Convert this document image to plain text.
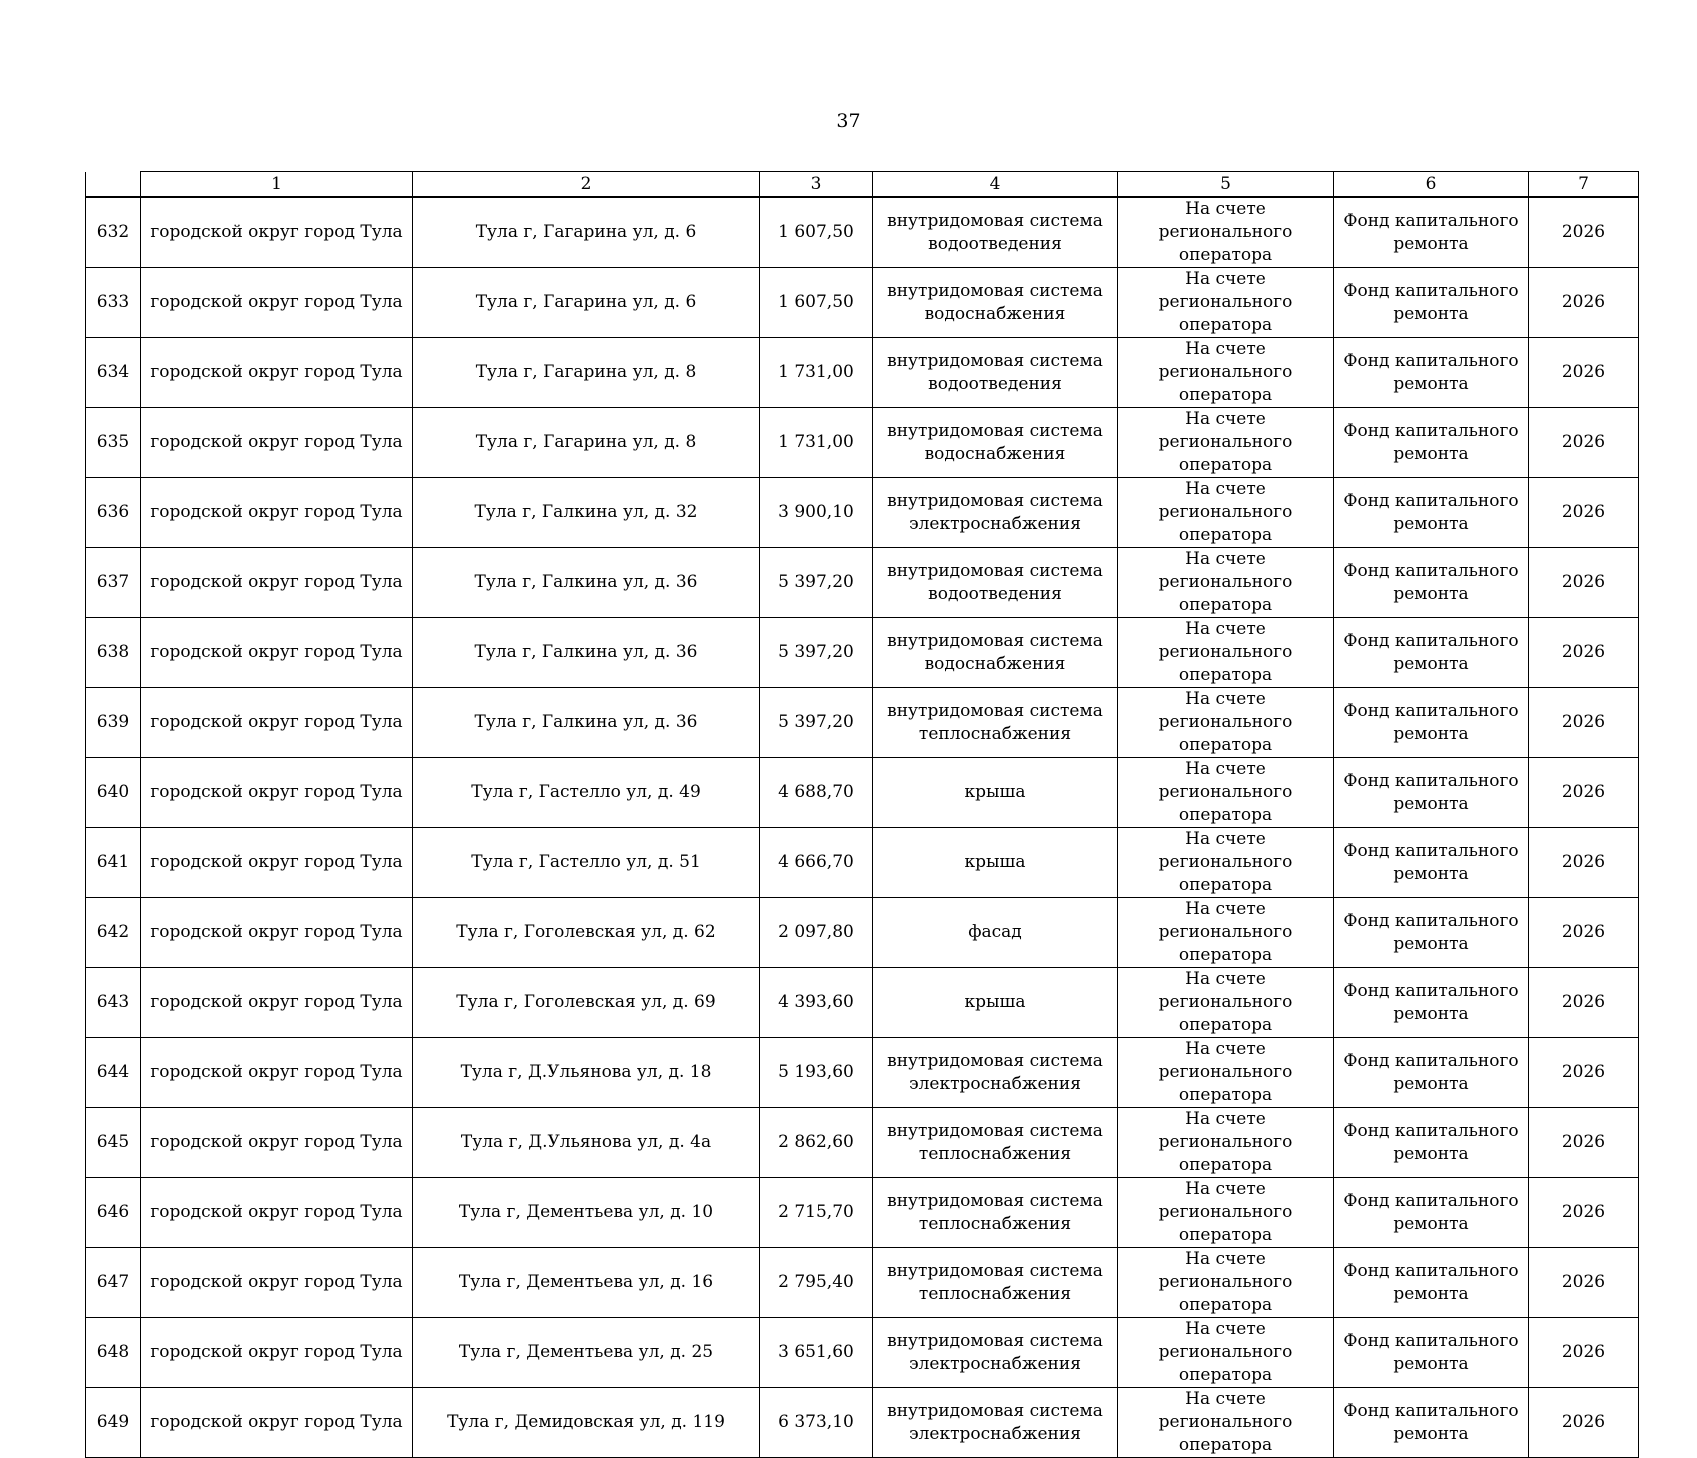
37
	1	2	3	4	5	6	7
632	городской округ город Тула	Тула г, Гагарина ул, д. 6	1 607,50	внутридомовая система водоотведения	На счете регионального оператора	Фонд капитального ремонта	2026
633	городской округ город Тула	Тула г, Гагарина ул, д. 6	1 607,50	внутридомовая система водоснабжения	На счете регионального оператора	Фонд капитального ремонта	2026
634	городской округ город Тула	Тула г, Гагарина ул, д. 8	1 731,00	внутридомовая система водоотведения	На счете регионального оператора	Фонд капитального ремонта	2026
635	городской округ город Тула	Тула г, Гагарина ул, д. 8	1 731,00	внутридомовая система водоснабжения	На счете регионального оператора	Фонд капитального ремонта	2026
636	городской округ город Тула	Тула г, Галкина ул, д. 32	3 900,10	внутридомовая система электроснабжения	На счете регионального оператора	Фонд капитального ремонта	2026
637	городской округ город Тула	Тула г, Галкина ул, д. 36	5 397,20	внутридомовая система водоотведения	На счете регионального оператора	Фонд капитального ремонта	2026
638	городской округ город Тула	Тула г, Галкина ул, д. 36	5 397,20	внутридомовая система водоснабжения	На счете регионального оператора	Фонд капитального ремонта	2026
639	городской округ город Тула	Тула г, Галкина ул, д. 36	5 397,20	внутридомовая система теплоснабжения	На счете регионального оператора	Фонд капитального ремонта	2026
640	городской округ город Тула	Тула г, Гастелло ул, д. 49	4 688,70	крыша	На счете регионального оператора	Фонд капитального ремонта	2026
641	городской округ город Тула	Тула г, Гастелло ул, д. 51	4 666,70	крыша	На счете регионального оператора	Фонд капитального ремонта	2026
642	городской округ город Тула	Тула г, Гоголевская ул, д. 62	2 097,80	фасад	На счете регионального оператора	Фонд капитального ремонта	2026
643	городской округ город Тула	Тула г, Гоголевская ул, д. 69	4 393,60	крыша	На счете регионального оператора	Фонд капитального ремонта	2026
644	городской округ город Тула	Тула г, Д.Ульянова ул, д. 18	5 193,60	внутридомовая система электроснабжения	На счете регионального оператора	Фонд капитального ремонта	2026
645	городской округ город Тула	Тула г, Д.Ульянова ул, д. 4а	2 862,60	внутридомовая система теплоснабжения	На счете регионального оператора	Фонд капитального ремонта	2026
646	городской округ город Тула	Тула г, Дементьева ул, д. 10	2 715,70	внутридомовая система теплоснабжения	На счете регионального оператора	Фонд капитального ремонта	2026
647	городской округ город Тула	Тула г, Дементьева ул, д. 16	2 795,40	внутридомовая система теплоснабжения	На счете регионального оператора	Фонд капитального ремонта	2026
648	городской округ город Тула	Тула г, Дементьева ул, д. 25	3 651,60	внутридомовая система электроснабжения	На счете регионального оператора	Фонд капитального ремонта	2026
649	городской округ город Тула	Тула г, Демидовская ул, д. 119	6 373,10	внутридомовая система электроснабжения	На счете регионального оператора	Фонд капитального ремонта	2026
